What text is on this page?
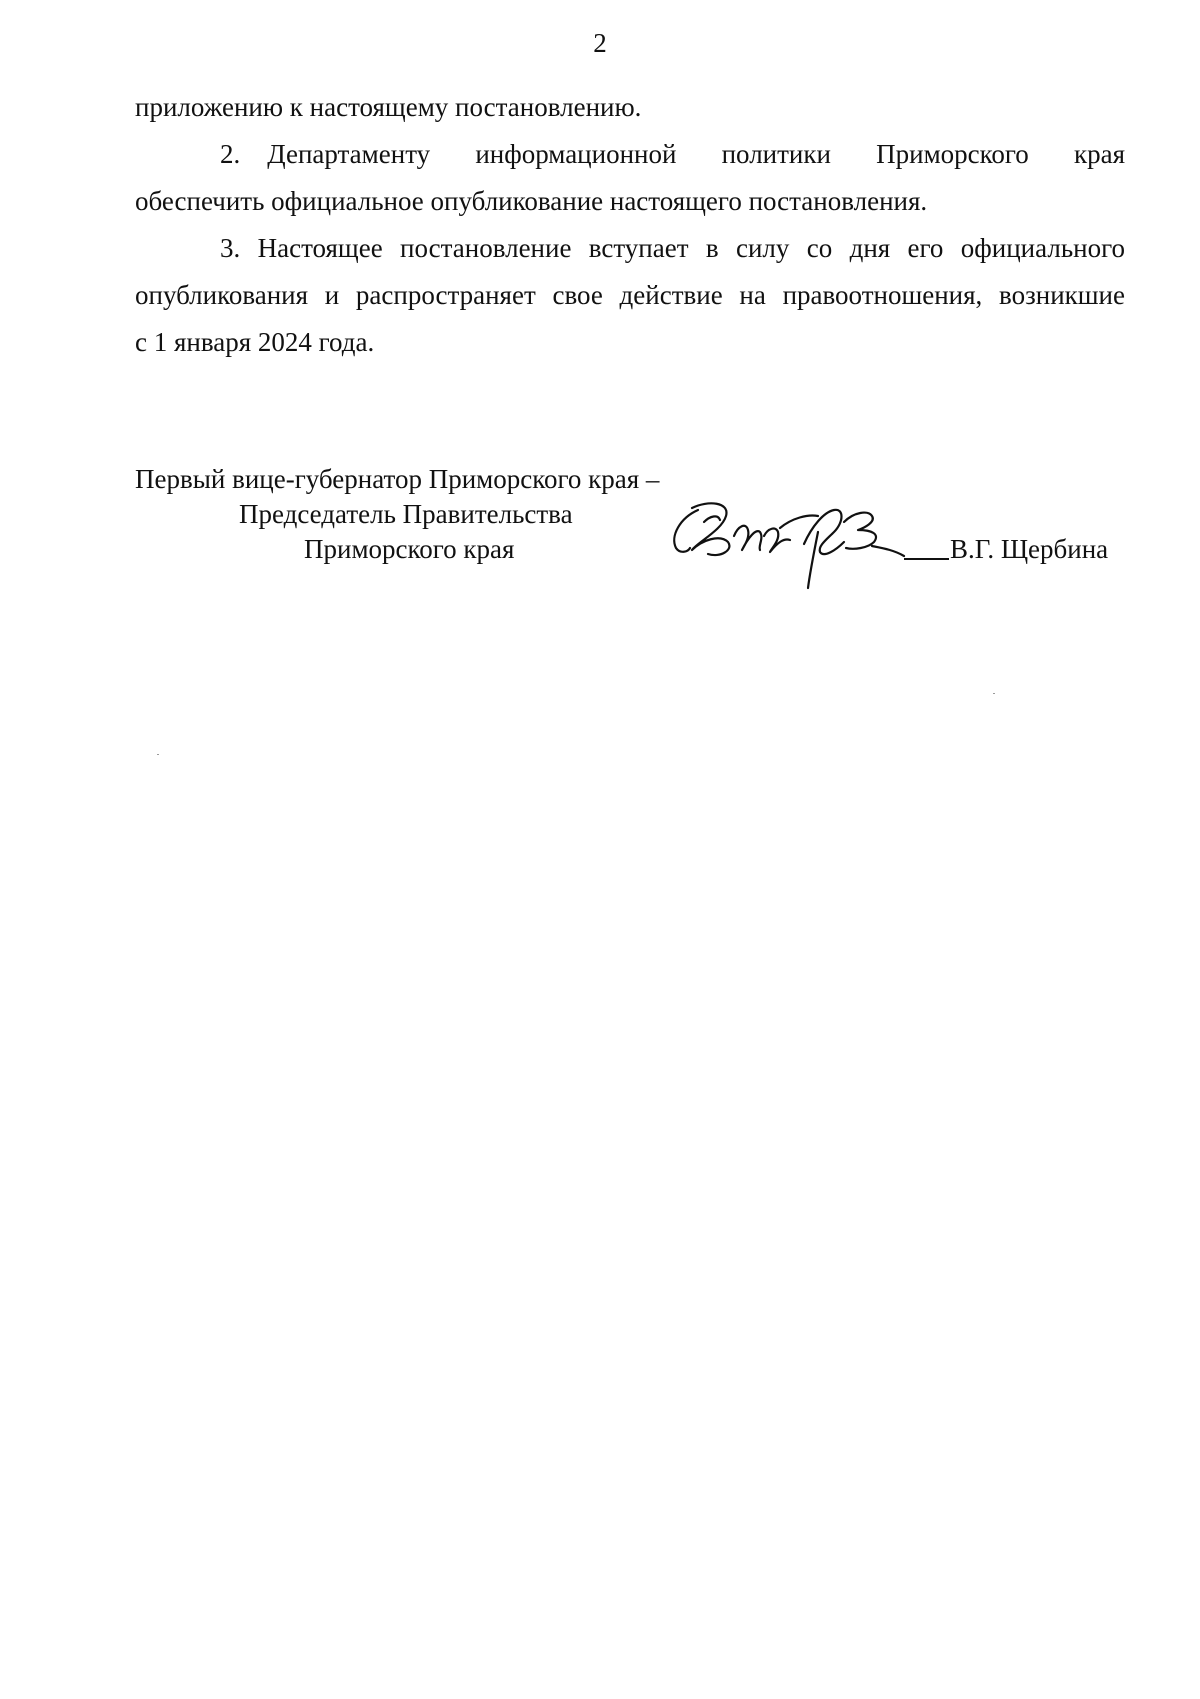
2
приложению к настоящему постановлению.
2. Департаменту информационной политики Приморского края
обеспечить официальное опубликование настоящего постановления.
3. Настоящее постановление вступает в силу со дня его официального
опубликования и распространяет свое действие на правоотношения, возникшие
с 1 января 2024 года.
Первый вице-губернатор Приморского края –
Председатель Правительства
Приморского края	В.Г. Щербина
